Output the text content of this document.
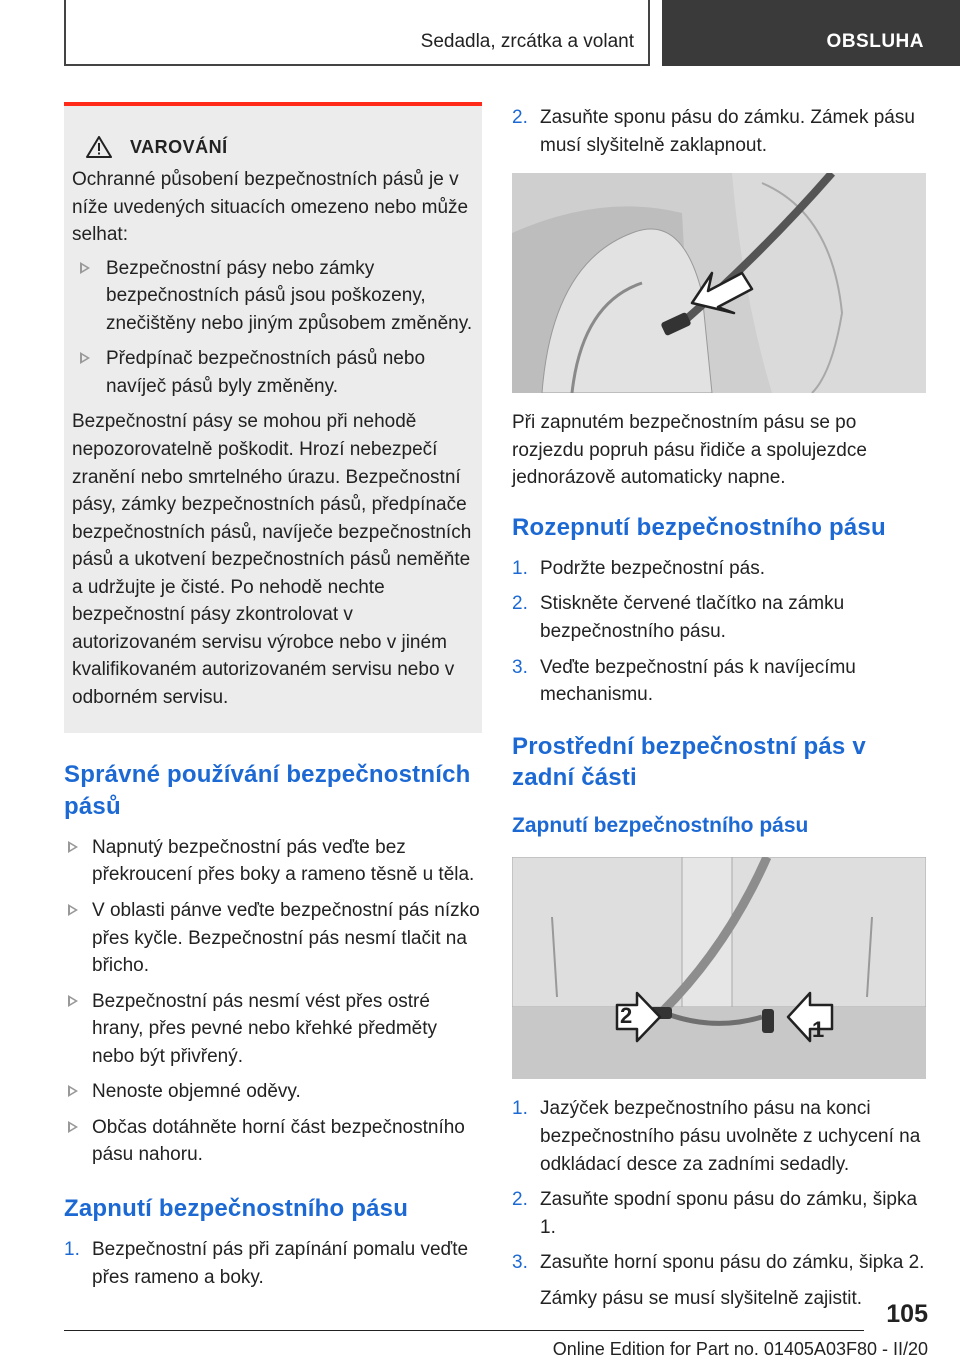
Sedadla, zrcátka a volant	OBSLUHA
VAROVÁNÍ

Ochranné působení bezpečnostních pásů je v níže uvedených situacích omezeno nebo může selhat:

Bezpečnostní pásy nebo zámky bezpečnostních pásů jsou poškozeny, znečištěny nebo jiným způsobem změněny.
Předpínač bezpečnostních pásů nebo navíječ pásů byly změněny.

Bezpečnostní pásy se mohou při nehodě nepozorovatelně poškodit. Hrozí nebezpečí zranění nebo smrtelného úrazu. Bezpečnostní pásy, zámky bezpečnostních pásů, předpínače bezpečnostních pásů, navíječe bezpečnostních pásů a ukotvení bezpečnostních pásů neměňte a udržujte je čisté. Po nehodě nechte bezpečnostní pásy zkontrolovat v autorizovaném servisu výrobce nebo v jiném kvalifikovaném autorizovaném servisu nebo v odborném servisu.

Správné používání bezpečnostních pásů
Napnutý bezpečnostní pás veďte bez překroucení přes boky a rameno těsně u těla.
V oblasti pánve veďte bezpečnostní pás nízko přes kyčle. Bezpečnostní pás nesmí tlačit na břicho.
Bezpečnostní pás nesmí vést přes ostré hrany, přes pevné nebo křehké předměty nebo být přivřený.
Nenoste objemné oděvy.
Občas dotáhněte horní část bezpečnostního pásu nahoru.
Zapnutí bezpečnostního pásu
1. Bezpečnostní pás při zapínání pomalu veďte přes rameno a boky.
2. Zasuňte sponu pásu do zámku. Zámek pásu musí slyšitelně zaklapnout.

Při zapnutém bezpečnostním pásu se po rozjezdu popruh pásu řidiče a spolujezdce jednorázově automaticky napne.

Rozepnutí bezpečnostního pásu
1. Podržte bezpečnostní pás.
2. Stiskněte červené tlačítko na zámku bezpečnostního pásu.
3. Veďte bezpečnostní pás k navíjecímu mechanismu.
Prostřední bezpečnostní pás v zadní části
Zapnutí bezpečnostního pásu
2
1
1. Jazýček bezpečnostního pásu na konci bezpečnostního pásu uvolněte z uchycení na odkládací desce za zadními sedadly.
2. Zasuňte spodní sponu pásu do zámku, šipka 1.
3. Zasuňte horní sponu pásu do zámku, šipka 2.

Zámky pásu se musí slyšitelně zajistit.

105
Online Edition for Part no. 01405A03F80 - II/20
